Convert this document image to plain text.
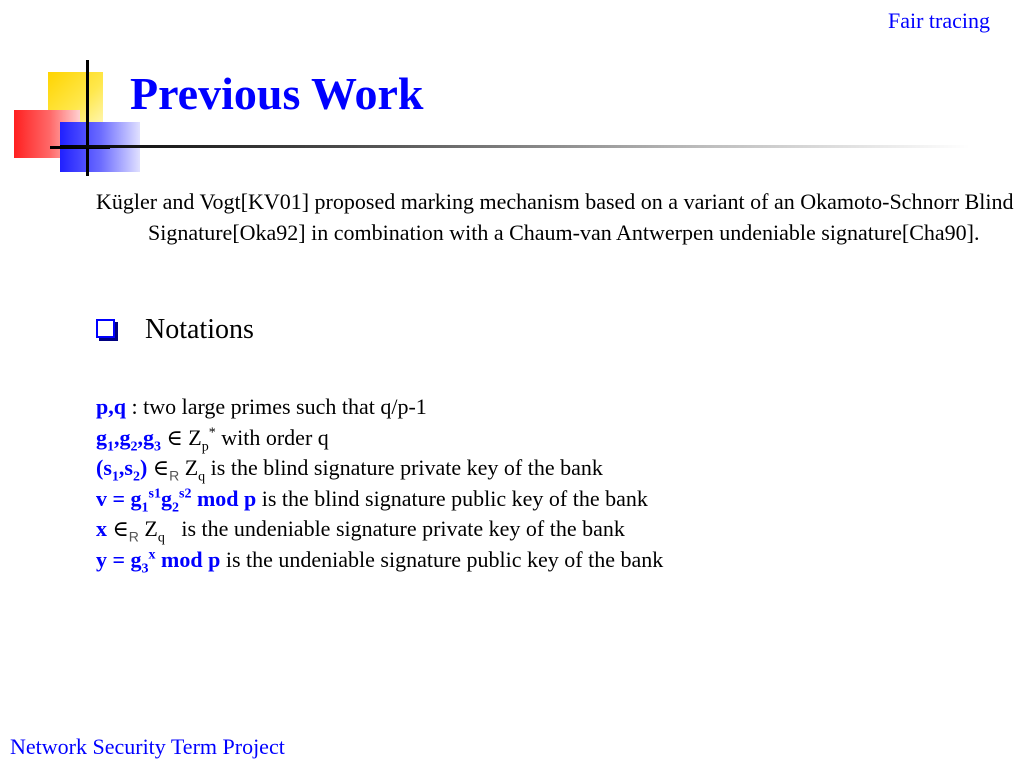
Fair tracing
Previous Work
Kügler and Vogt[KV01] proposed marking mechanism based on a variant of an Okamoto-Schnorr Blind Signature[Oka92] in combination with a Chaum-van Antwerpen undeniable signature[Cha90].
Notations
p,q : two large primes such that q/p-1
$g_1,g_2,g_3$ ∈ $Z_p^*$ with order q
$(s_1,s_2)$ $\in_R$ $Z_q$ is the blind signature private key of the bank
$v = g_1^{s1}g_2^{s2}$ mod p is the blind signature public key of the bank
x $\in_R$ $Z_q$   is the undeniable signature private key of the bank
$y = g_3^x$ mod p is the undeniable signature public key of the bank
Network Security Term Project
